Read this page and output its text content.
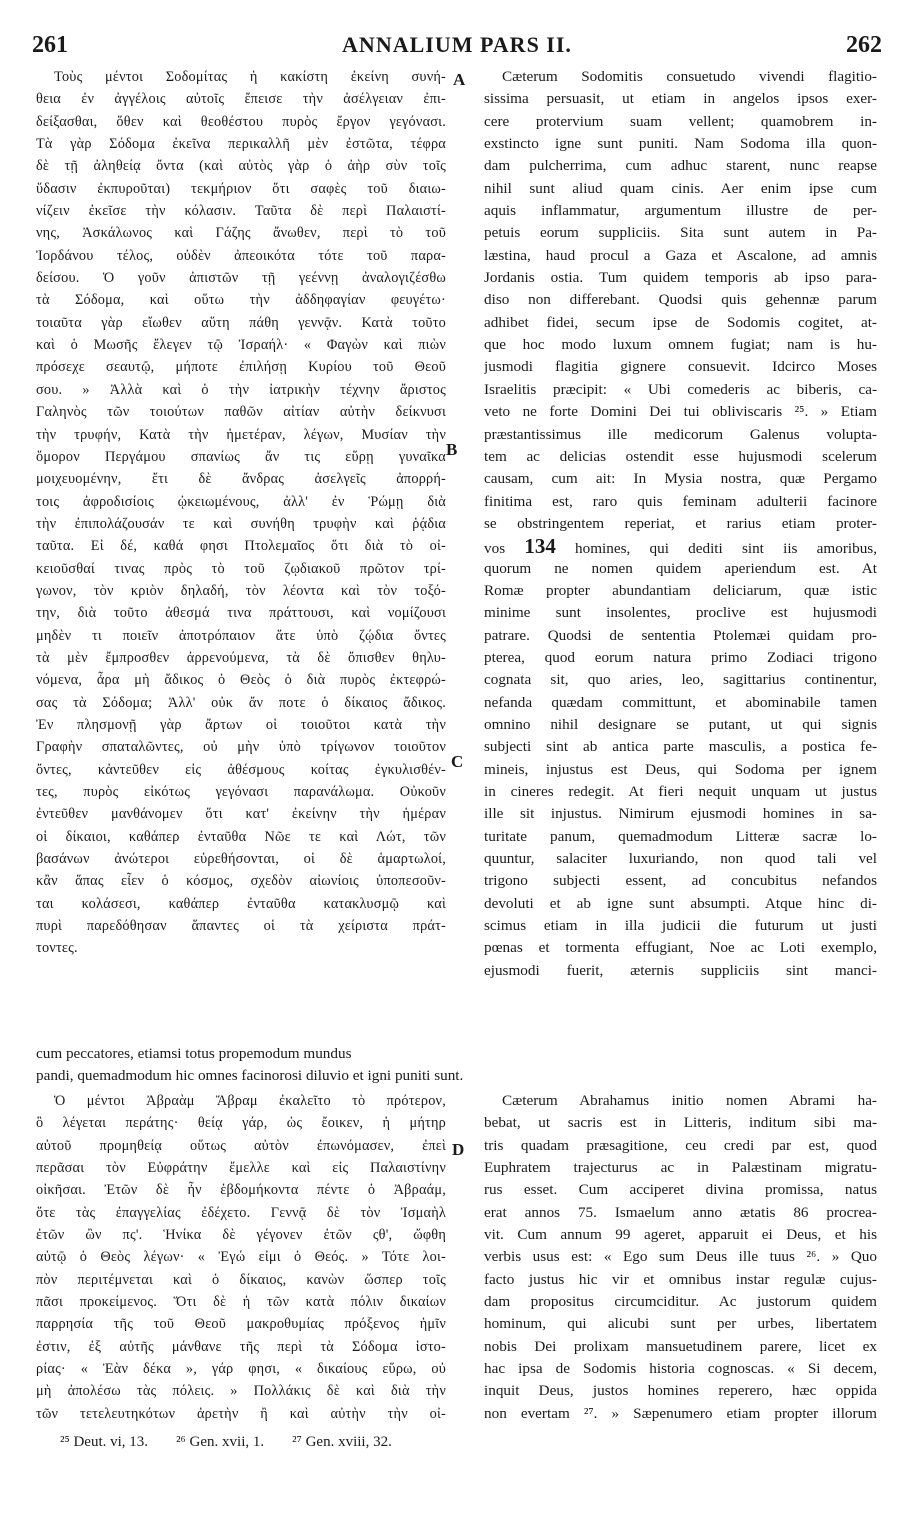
261	ANNALIUM PARS II.	262
A
B
C
D
Τοὺς μέντοι Σοδομίτας ἡ κακίστη ἐκείνη συνή-
θεια ἐν ἀγγέλοις αὐτοῖς ἔπεισε τὴν ἀσέλγειαν ἐπι-
δείξασθαι, ὅθεν καὶ θεοθέστου πυρὸς ἔργον γεγόνασι.
Τὰ γὰρ Σόδομα ἐκεῖνα περικαλλῆ μὲν ἐστῶτα, τέφρα
δὲ τῇ ἀληθείᾳ ὄντα (καὶ αὐτὸς γὰρ ὁ ἀὴρ σὺν τοῖς
ὕδασιν ἐκπυροῦται) τεκμήριον ὅτι σαφὲς τοῦ διαιω-
νίζειν ἐκεῖσε τὴν κόλασιν. Ταῦτα δὲ περὶ Παλαιστί-
νης, Ἀσκάλωνος καὶ Γάζης ἄνωθεν, περὶ τὸ τοῦ
Ἰορδάνου τέλος, οὐδὲν ἀπεοικότα τότε τοῦ παρα-
δείσου. Ὁ γοῦν ἀπιστῶν τῇ γεέννῃ ἀναλογιζέσθω
τὰ Σόδομα, καὶ οὕτω τὴν ἀδδηφαγίαν φευγέτω·
τοιαῦτα γὰρ εἴωθεν αὕτη πάθη γεννᾷν. Κατὰ τοῦτο
καὶ ὁ Μωσῆς ἔλεγεν τῷ Ἰσραήλ· « Φαγὼν καὶ πιὼν
πρόσεχε σεαυτῷ, μήποτε ἐπιλήσῃ Κυρίου τοῦ Θεοῦ
σου. » Ἀλλὰ καὶ ὁ τὴν ἰατρικὴν τέχνην ἄριστος
Γαληνὸς τῶν τοιούτων παθῶν αἰτίαν αὐτὴν δείκνυσι
τὴν τρυφήν, Κατὰ τὴν ἡμετέραν, λέγων, Μυσίαν τὴν
ὅμορον Περγάμου σπανίως ἄν τις εὕρῃ γυναῖκα
μοιχευομένην, ἔτι δὲ ἄνδρας ἀσελγεῖς ἀπορρή-
τοις ἀφροδισίοις ᾠκειωμένους, ἀλλ' ἐν Ῥώμῃ διὰ
τὴν ἐπιπολάζουσάν τε καὶ συνήθη τρυφὴν καὶ ῥᾴδια
ταῦτα. Εἰ δέ, καθά φησι Πτολεμαῖος ὅτι διὰ τὸ οἰ-
κειοῦσθαί τινας πρὸς τὸ τοῦ ζῳδιακοῦ πρῶτον τρί-
γωνον, τὸν κριὸν δηλαδή, τὸν λέοντα καὶ τὸν τοξό-
την, διὰ τοῦτο ἀθεσμά τινα πράττουσι, καὶ νομίζουσι
μηδὲν τι ποιεῖν ἀποτρόπαιον ἅτε ὑπὸ ζῴδια ὄντες
τὰ μὲν ἔμπροσθεν ἀρρενούμενα, τὰ δὲ ὄπισθεν θηλυ-
νόμενα, ἆρα μὴ ἄδικος ὁ Θεὸς ὁ διὰ πυρὸς ἐκτεφρώ-
σας τὰ Σόδομα; Ἀλλ' οὐκ ἄν ποτε ὁ δίκαιος ἄδικος.
Ἐν πλησμονῇ γὰρ ἄρτων οἱ τοιοῦτοι κατὰ τὴν
Γραφὴν σπαταλῶντες, οὐ μὴν ὑπὸ τρίγωνον τοιοῦτον
ὄντες, κἀντεῦθεν εἰς ἀθέσμους κοίτας ἐγκυλισθέν-
τες, πυρὸς εἰκότως γεγόνασι παρανάλωμα. Οὐκοῦν
ἐντεῦθεν μανθάνομεν ὅτι κατ' ἐκείνην τὴν ἡμέραν
οἱ δίκαιοι, καθάπερ ἐνταῦθα Νῶε τε καὶ Λώτ, τῶν
βασάνων ἀνώτεροι εὑρεθήσονται, οἱ δὲ ἁμαρτωλοί,
κἂν ἅπας εἶεν ὁ κόσμος, σχεδὸν αἰωνίοις ὑποπεσοῦν-
ται κολάσεσι, καθάπερ ἐνταῦθα κατακλυσμῷ καὶ
πυρὶ παρεδόθησαν ἅπαντες οἱ τὰ χείριστα πράτ-
τοντες.
Cæterum Sodomitis consuetudo vivendi flagitio-
sissima persuasit, ut etiam in angelos ipsos exer-
cere protervium suam vellent; quamobrem in-
exstincto igne sunt puniti. Nam Sodoma illa quon-
dam pulcherrima, cum adhuc starent, nunc reapse
nihil sunt aliud quam cinis. Aer enim ipse cum
aquis inflammatur, argumentum illustre de per-
petuis eorum suppliciis. Sita sunt autem in Pa-
læstina, haud procul a Gaza et Ascalone, ad amnis
Jordanis ostia. Tum quidem temporis ab ipso para-
diso non differebant. Quodsi quis gehennæ parum
adhibet fidei, secum ipse de Sodomis cogitet, at-
que hoc modo luxum omnem fugiat; nam is hu-
jusmodi flagitia gignere consuevit. Idcirco Moses
Israelitis præcipit: « Ubi comederis ac biberis, ca-
veto ne forte Domini Dei tui obliviscaris ²⁵. » Etiam
præstantissimus ille medicorum Galenus volupta-
tem ac delicias ostendit esse hujusmodi scelerum
causam, cum ait: In Mysia nostra, quæ Pergamo
finitima est, raro quis feminam adulterii facinore
se obstringentem reperiat, et rarius etiam proter-
vos 134 homines, qui dediti sint iis amoribus,
quorum ne nomen quidem aperiendum est. At
Romæ propter abundantiam deliciarum, quæ istic
minime sunt insolentes, proclive est hujusmodi
patrare. Quodsi de sententia Ptolemæi quidam pro-
pterea, quod eorum natura primo Zodiaci trigono
cognata sit, quo aries, leo, sagittarius continentur,
nefanda quædam committunt, et abominabile tamen
omnino nihil designare se putant, ut qui signis
subjecti sint ab antica parte masculis, a postica fe-
mineis, injustus est Deus, qui Sodoma per ignem
in cineres redegit. At fieri nequit unquam ut justus
ille sit injustus. Nimirum ejusmodi homines in sa-
turitate panum, quemadmodum Litteræ sacræ lo-
quuntur, salaciter luxuriando, non quod tali vel
trigono subjecti essent, ad concubitus nefandos
devoluti et ab igne sunt absumpti. Atque hinc di-
scimus etiam in illa judicii die futurum ut justi
pœnas et tormenta effugiant, Noe ac Loti exemplo,
ejusmodi fuerit, æternis suppliciis sint manci-
cum peccatores, etiamsi totus propemodum mundus
pandi, quemadmodum hic omnes facinorosi diluvio et igni puniti sunt.
Ὁ μέντοι Ἀβραὰμ Ἄβραμ ἐκαλεῖτο τὸ πρότερον,
ὃ λέγεται περάτης· θείᾳ γάρ, ὡς ἔοικεν, ἡ μήτηρ
αὐτοῦ προμηθείᾳ οὕτως αὐτὸν ἐπωνόμασεν, ἐπεὶ
περᾶσαι τὸν Εὐφράτην ἔμελλε καὶ εἰς Παλαιστίνην
οἰκῆσαι. Ἐτῶν δὲ ἦν ἑβδομήκοντα πέντε ὁ Ἀβραάμ,
ὅτε τὰς ἐπαγγελίας ἐδέχετο. Γεννᾷ δὲ τὸν Ἰσμαὴλ
ἐτῶν ὢν πς'. Ἡνίκα δὲ γέγονεν ἐτῶν ςθ', ὤφθη
αὐτῷ ὁ Θεὸς λέγων· « Ἐγώ εἰμι ὁ Θεός. » Τότε λοι-
πὸν περιτέμνεται καὶ ὁ δίκαιος, κανὼν ὥσπερ τοῖς
πᾶσι προκείμενος. Ὅτι δὲ ἡ τῶν κατὰ πόλιν δικαίων
παρρησία τῆς τοῦ Θεοῦ μακροθυμίας πρόξενος ἡμῖν
ἐστιν, ἐξ αὐτῆς μάνθανε τῆς περὶ τὰ Σόδομα ἱστο-
ρίας· « Ἐὰν δέκα », γάρ φησι, « δικαίους εὕρω, οὐ
μὴ ἀπολέσω τὰς πόλεις. » Πολλάκις δὲ καὶ διὰ τὴν
τῶν τετελευτηκότων ἀρετὴν ἢ καὶ αὐτὴν τὴν οἰ-
Cæterum Abrahamus initio nomen Abrami ha-
bebat, ut sacris est in Litteris, inditum sibi ma-
tris quadam præsagitione, ceu credi par est, quod
Euphratem trajecturus ac in Palæstinam migratu-
rus esset. Cum acciperet divina promissa, natus
erat annos 75. Ismaelum anno ætatis 86 procrea-
vit. Cum annum 99 ageret, apparuit ei Deus, et his
verbis usus est: « Ego sum Deus ille tuus ²⁶. » Quo
facto justus hic vir et omnibus instar regulæ cujus-
dam propositus circumciditur. Ac justorum quidem
hominum, qui alicubi sunt per urbes, libertatem
nobis Dei prolixam mansuetudinem parere, licet ex
hac ipsa de Sodomis historia cognoscas. « Si decem,
inquit Deus, justos homines reperero, hæc oppida
non evertam ²⁷. » Sæpenumero etiam propter illorum
²⁵ Deut. vi, 13. ²⁶ Gen. xvii, 1. ²⁷ Gen. xviii, 32.
